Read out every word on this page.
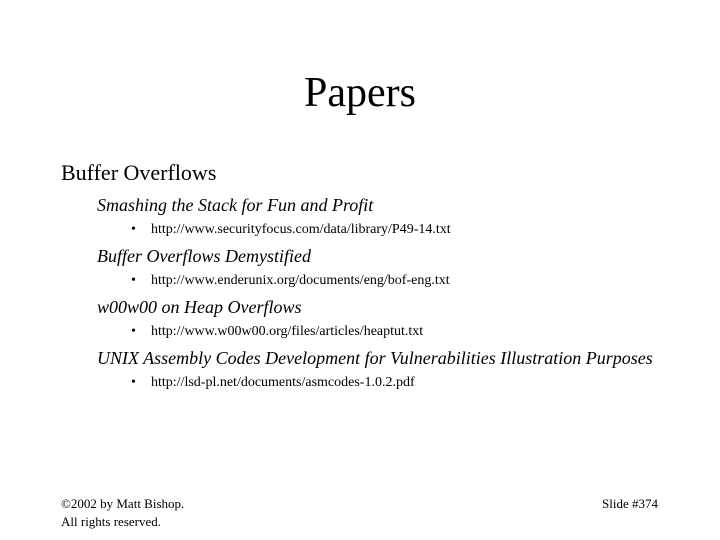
Papers
Buffer Overflows
Smashing the Stack for Fun and Profit
• http://www.securityfocus.com/data/library/P49-14.txt
Buffer Overflows Demystified
• http://www.enderunix.org/documents/eng/bof-eng.txt
w00w00 on Heap Overflows
• http://www.w00w00.org/files/articles/heaptut.txt
UNIX Assembly Codes Development for Vulnerabilities Illustration Purposes
• http://lsd-pl.net/documents/asmcodes-1.0.2.pdf
©2002 by Matt Bishop.
All rights reserved.
Slide #374
